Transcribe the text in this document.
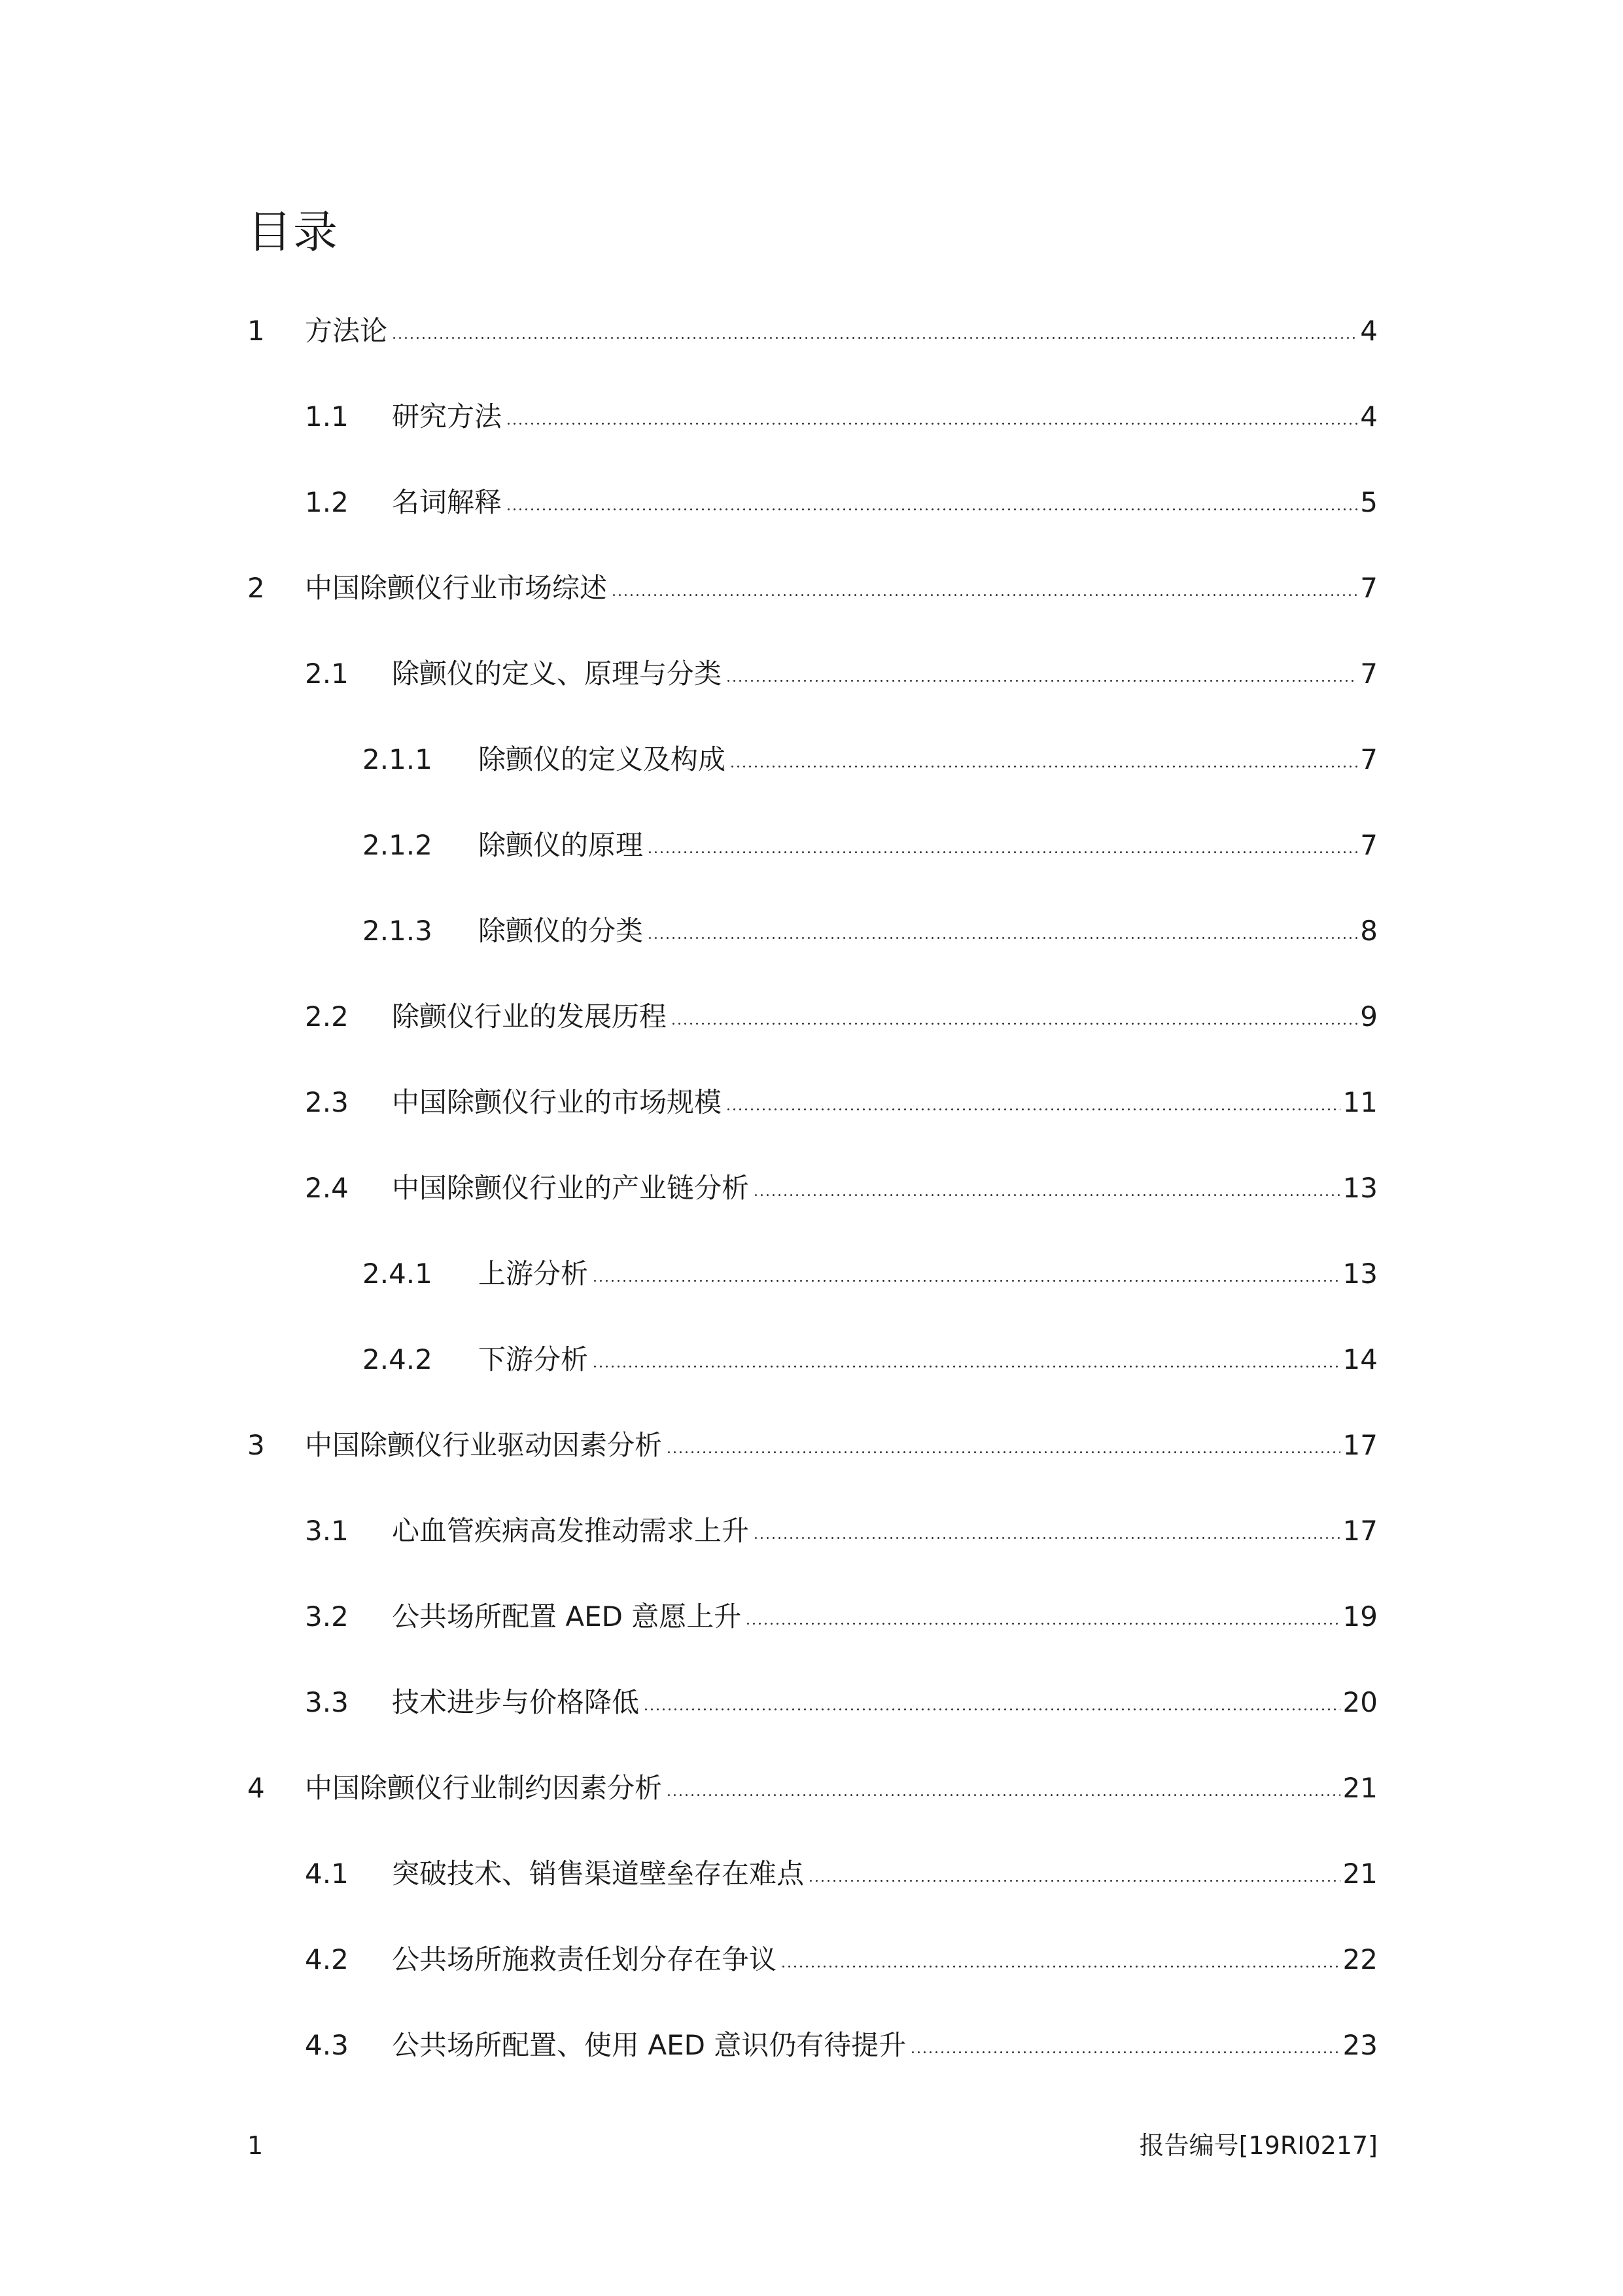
目录
1	方法论	4
1.1	研究方法	4
1.2	名词解释	5
2	中国除颤仪行业市场综述	7
2.1	除颤仪的定义、原理与分类	7
2.1.1	除颤仪的定义及构成	7
2.1.2	除颤仪的原理	7
2.1.3	除颤仪的分类	8
2.2	除颤仪行业的发展历程	9
2.3	中国除颤仪行业的市场规模	11
2.4	中国除颤仪行业的产业链分析	13
2.4.1	上游分析	13
2.4.2	下游分析	14
3	中国除颤仪行业驱动因素分析	17
3.1	心血管疾病高发推动需求上升	17
3.2	公共场所配置 AED 意愿上升	19
3.3	技术进步与价格降低	20
4	中国除颤仪行业制约因素分析	21
4.1	突破技术、销售渠道壁垒存在难点	21
4.2	公共场所施救责任划分存在争议	22
4.3	公共场所配置、使用 AED 意识仍有待提升	23
1	报告编号[19RI0217]
